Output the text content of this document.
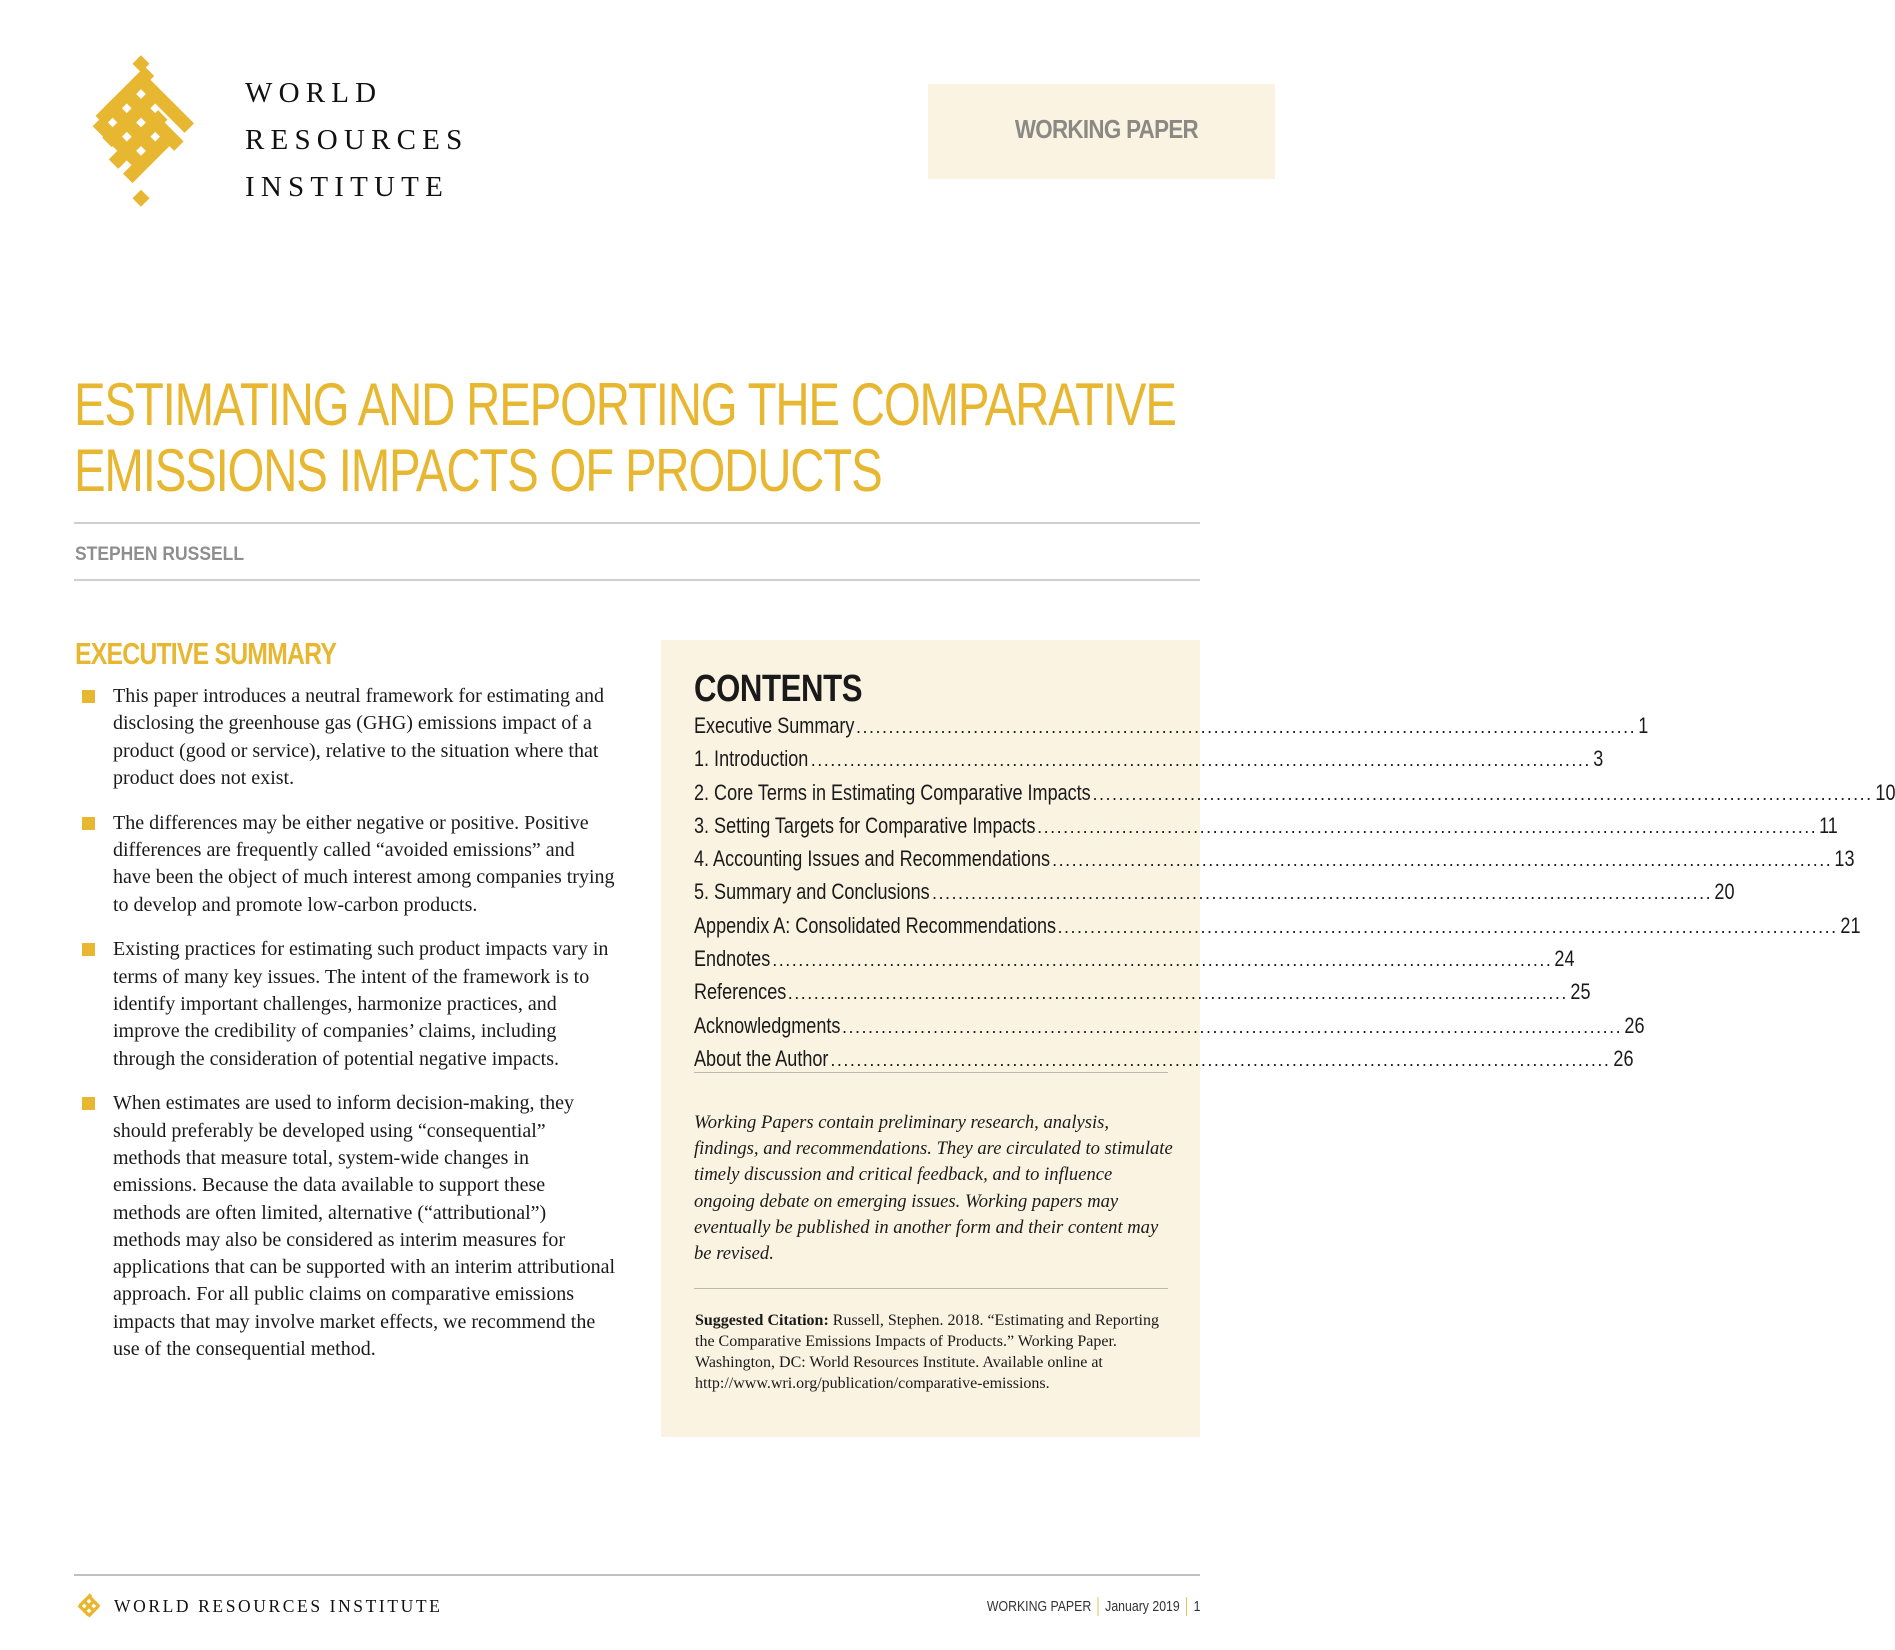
WORLD
RESOURCES
INSTITUTE
WORKING PAPER
ESTIMATING AND REPORTING THE COMPARATIVE
EMISSIONS IMPACTS OF PRODUCTS
STEPHEN RUSSELL
EXECUTIVE SUMMARY
This paper introduces a neutral framework for estimating and disclosing the greenhouse gas (GHG) emissions impact of a product (good or service), relative to the situation where that product does not exist.
The differences may be either negative or positive. Positive differences are frequently called “avoided emissions” and have been the object of much interest among companies trying to develop and promote low-carbon products.
Existing practices for estimating such product impacts vary in terms of many key issues. The intent of the framework is to identify important challenges, harmonize practices, and improve the credibility of companies’ claims, including through the consideration of potential negative impacts.
When estimates are used to inform decision-making, they should preferably be developed using “consequential” methods that measure total, system-wide changes in emissions. Because the data available to support these methods are often limited, alternative (“attributional”) methods may also be considered as interim measures for applications that can be supported with an interim attributional approach. For all public claims on comparative emissions impacts that may involve market effects, we recommend the use of the consequential method.
CONTENTS
Executive Summary ........................................................................................................................ 1
1. Introduction ........................................................................................................................ 3
2. Core Terms in Estimating Comparative Impacts ........................................................................................................................ 10
3. Setting Targets for Comparative Impacts ........................................................................................................................ 11
4. Accounting Issues and Recommendations ........................................................................................................................ 13
5. Summary and Conclusions ........................................................................................................................ 20
Appendix A: Consolidated Recommendations ........................................................................................................................ 21
Endnotes ........................................................................................................................ 24
References ........................................................................................................................ 25
Acknowledgments ........................................................................................................................ 26
About the Author ........................................................................................................................ 26

Working Papers contain preliminary research, analysis, findings, and recommendations. They are circulated to stimulate timely discussion and critical feedback, and to influence ongoing debate on emerging issues. Working papers may eventually be published in another form and their content may be revised.

Suggested Citation: Russell, Stephen. 2018. “Estimating and Reporting the Comparative Emissions Impacts of Products.” Working Paper. Washington, DC: World Resources Institute. Available online at http://www.wri.org/publication/comparative-emissions.

WORLD RESOURCES INSTITUTE	WORKING PAPER January 2019 1
